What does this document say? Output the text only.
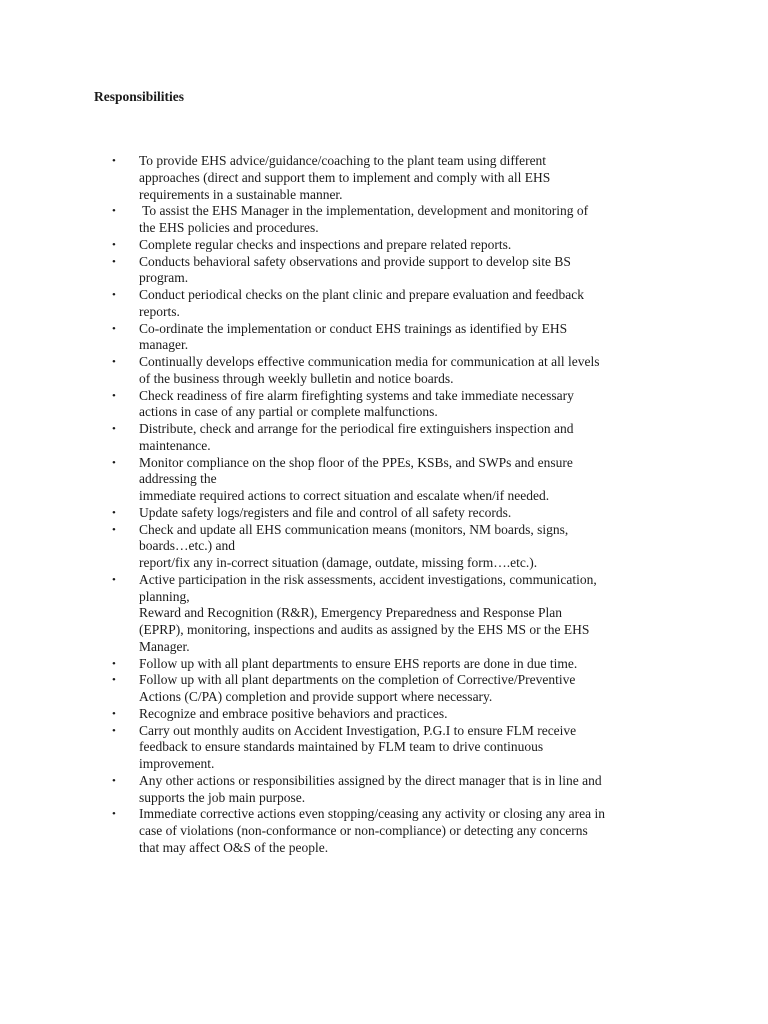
Responsibilities
• To provide EHS advice/guidance/coaching to the plant team using different
approaches (direct and support them to implement and comply with all EHS
requirements in a sustainable manner.
• To assist the EHS Manager in the implementation, development and monitoring of
the EHS policies and procedures.
• Complete regular checks and inspections and prepare related reports.
• Conducts behavioral safety observations and provide support to develop site BS
program.
• Conduct periodical checks on the plant clinic and prepare evaluation and feedback
reports.
• Co-ordinate the implementation or conduct EHS trainings as identified by EHS
manager.
• Continually develops effective communication media for communication at all levels
of the business through weekly bulletin and notice boards.
• Check readiness of fire alarm firefighting systems and take immediate necessary
actions in case of any partial or complete malfunctions.
• Distribute, check and arrange for the periodical fire extinguishers inspection and
maintenance.
• Monitor compliance on the shop floor of the PPEs, KSBs, and SWPs and ensure
addressing the
immediate required actions to correct situation and escalate when/if needed.
• Update safety logs/registers and file and control of all safety records.
• Check and update all EHS communication means (monitors, NM boards, signs,
boards…etc.) and
report/fix any in-correct situation (damage, outdate, missing form….etc.).
• Active participation in the risk assessments, accident investigations, communication,
planning,
Reward and Recognition (R&R), Emergency Preparedness and Response Plan
(EPRP), monitoring, inspections and audits as assigned by the EHS MS or the EHS
Manager.
• Follow up with all plant departments to ensure EHS reports are done in due time.
• Follow up with all plant departments on the completion of Corrective/Preventive
Actions (C/PA) completion and provide support where necessary.
• Recognize and embrace positive behaviors and practices.
• Carry out monthly audits on Accident Investigation, P.G.I to ensure FLM receive
feedback to ensure standards maintained by FLM team to drive continuous
improvement.
• Any other actions or responsibilities assigned by the direct manager that is in line and
supports the job main purpose.
• Immediate corrective actions even stopping/ceasing any activity or closing any area in
case of violations (non-conformance or non-compliance) or detecting any concerns
that may affect O&S of the people.
